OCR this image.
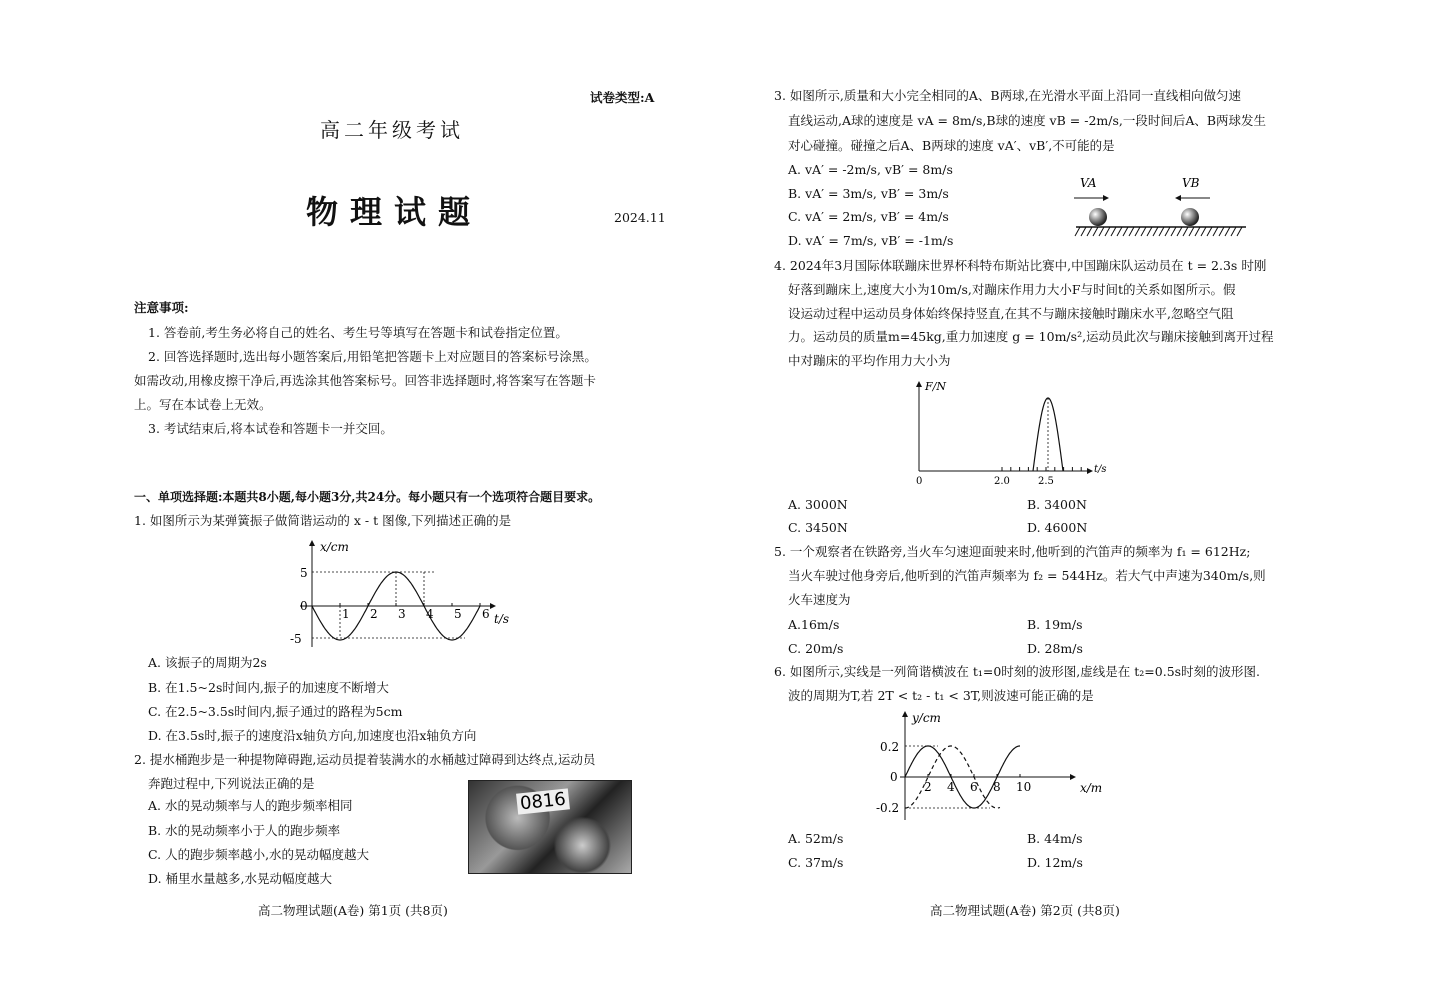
试卷类型:A
高二年级考试
物理试题	2024.11
注意事项:
1. 答卷前,考生务必将自己的姓名、考生号等填写在答题卡和试卷指定位置。
2. 回答选择题时,选出每小题答案后,用铅笔把答题卡上对应题目的答案标号涂黑。
如需改动,用橡皮擦干净后,再选涂其他答案标号。回答非选择题时,将答案写在答题卡
上。写在本试卷上无效。
3. 考试结束后,将本试卷和答题卡一并交回。
一、单项选择题:本题共8小题,每小题3分,共24分。每小题只有一个选项符合题目要求。
1. 如图所示为某弹簧振子做简谐运动的 x - t 图像,下列描述正确的是
x/cm
t/s
5
0
-5
1 2 3 4 5 6
A. 该振子的周期为2s
B. 在1.5~2s时间内,振子的加速度不断增大
C. 在2.5~3.5s时间内,振子通过的路程为5cm
D. 在3.5s时,振子的速度沿x轴负方向,加速度也沿x轴负方向
2. 提水桶跑步是一种提物障碍跑,运动员提着装满水的水桶越过障碍到达终点,运动员
奔跑过程中,下列说法正确的是
A. 水的晃动频率与人的跑步频率相同
B. 水的晃动频率小于人的跑步频率
C. 人的跑步频率越小,水的晃动幅度越大
D. 桶里水量越多,水晃动幅度越大
0816
高二物理试题(A卷) 第1页 (共8页)
3. 如图所示,质量和大小完全相同的A、B两球,在光滑水平面上沿同一直线相向做匀速
直线运动,A球的速度是 vA = 8m/s,B球的速度 vB = -2m/s,一段时间后A、B两球发生
对心碰撞。碰撞之后A、B两球的速度 vA′、vB′,不可能的是
A. vA′ = -2m/s, vB′ = 8m/s
B. vA′ = 3m/s, vB′ = 3m/s
C. vA′ = 2m/s, vB′ = 4m/s
D. vA′ = 7m/s, vB′ = -1m/s
VA	VB
4. 2024年3月国际体联蹦床世界杯科特布斯站比赛中,中国蹦床队运动员在 t = 2.3s 时刚
好落到蹦床上,速度大小为10m/s,对蹦床作用力大小F与时间t的关系如图所示。假
设运动过程中运动员身体始终保持竖直,在其不与蹦床接触时蹦床水平,忽略空气阻
力。运动员的质量m=45kg,重力加速度 g = 10m/s²,运动员此次与蹦床接触到离开过程
中对蹦床的平均作用力大小为
F/N
t/s
0	2.0	2.5
A. 3000N	B. 3400N
C. 3450N	D. 4600N
5. 一个观察者在铁路旁,当火车匀速迎面驶来时,他听到的汽笛声的频率为 f₁ = 612Hz;
当火车驶过他身旁后,他听到的汽笛声频率为 f₂ = 544Hz。若大气中声速为340m/s,则
火车速度为
A.16m/s	B. 19m/s
C. 20m/s	D. 28m/s
6. 如图所示,实线是一列简谐横波在 t₁=0时刻的波形图,虚线是在 t₂=0.5s时刻的波形图.
波的周期为T,若 2T < t₂ - t₁ < 3T,则波速可能正确的是
y/cm
x/m
0.2
0
-0.2
2 4 6 8 10
A. 52m/s	B. 44m/s
C. 37m/s	D. 12m/s
高二物理试题(A卷) 第2页 (共8页)
